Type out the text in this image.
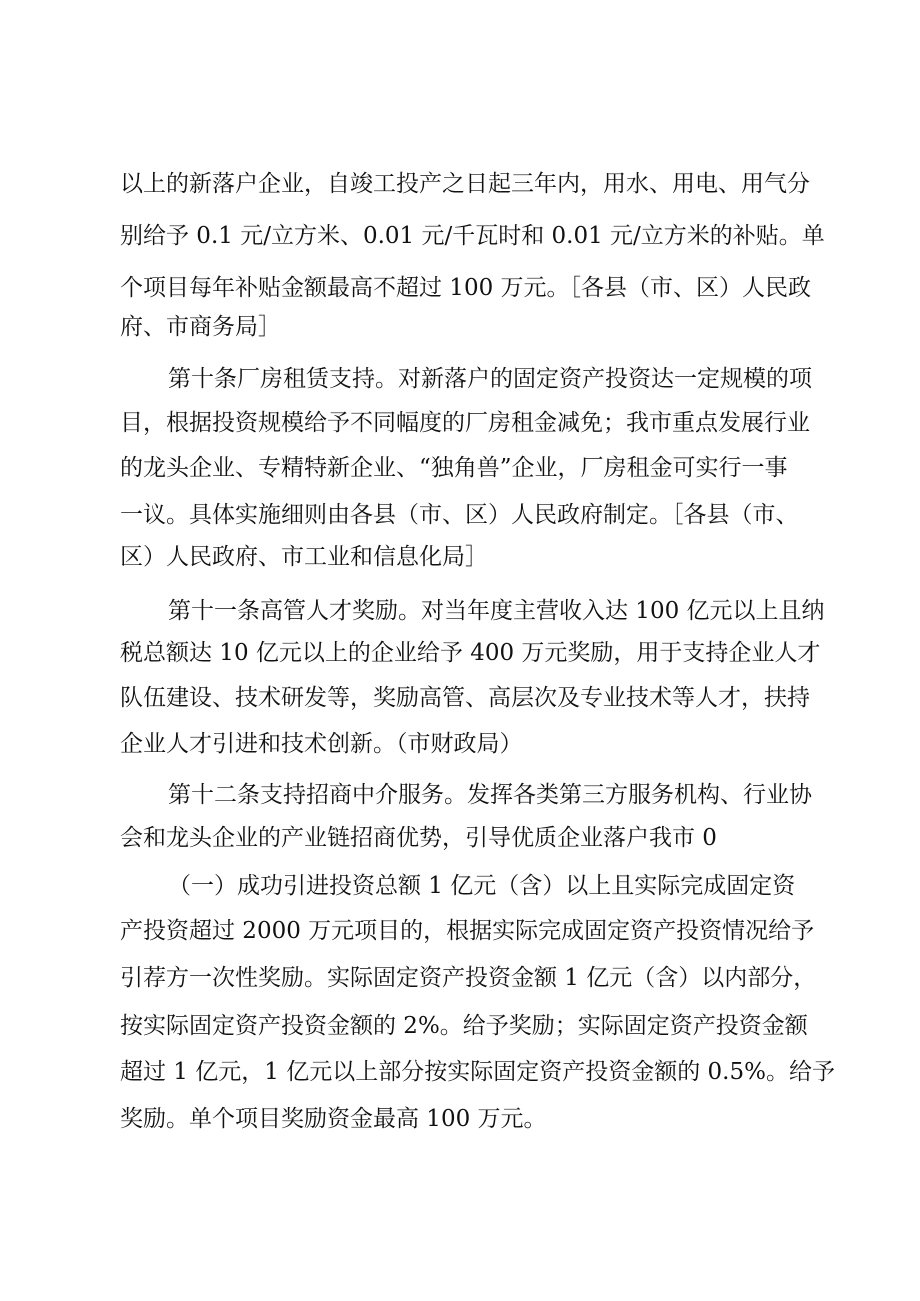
以上的新落户企业，自竣工投产之日起三年内，用水、用电、用气分
别给予 0.1 元/立方米、0.01 元/千瓦时和 0.01 元/立方米的补贴。单
个项目每年补贴金额最高不超过 100 万元。［各县（市、区）人民政
府、市商务局］
第十条厂房租赁支持。对新落户的固定资产投资达一定规模的项
目，根据投资规模给予不同幅度的厂房租金减免；我市重点发展行业
的龙头企业、专精特新企业、“独角兽”企业，厂房租金可实行一事
一议。具体实施细则由各县（市、区）人民政府制定。［各县（市、
区）人民政府、市工业和信息化局］
第十一条高管人才奖励。对当年度主营收入达 100 亿元以上且纳
税总额达 10 亿元以上的企业给予 400 万元奖励，用于支持企业人才
队伍建设、技术研发等，奖励高管、高层次及专业技术等人才，扶持
企业人才引进和技术创新。（市财政局）
第十二条支持招商中介服务。发挥各类第三方服务机构、行业协
会和龙头企业的产业链招商优势，引导优质企业落户我市 0
（一）成功引进投资总额 1 亿元（含）以上且实际完成固定资
产投资超过 2000 万元项目的，根据实际完成固定资产投资情况给予
引荐方一次性奖励。实际固定资产投资金额 1 亿元（含）以内部分，
按实际固定资产投资金额的 2%。给予奖励；实际固定资产投资金额
超过 1 亿元，1 亿元以上部分按实际固定资产投资金额的 0.5%。给予
奖励。单个项目奖励资金最高 100 万元。
